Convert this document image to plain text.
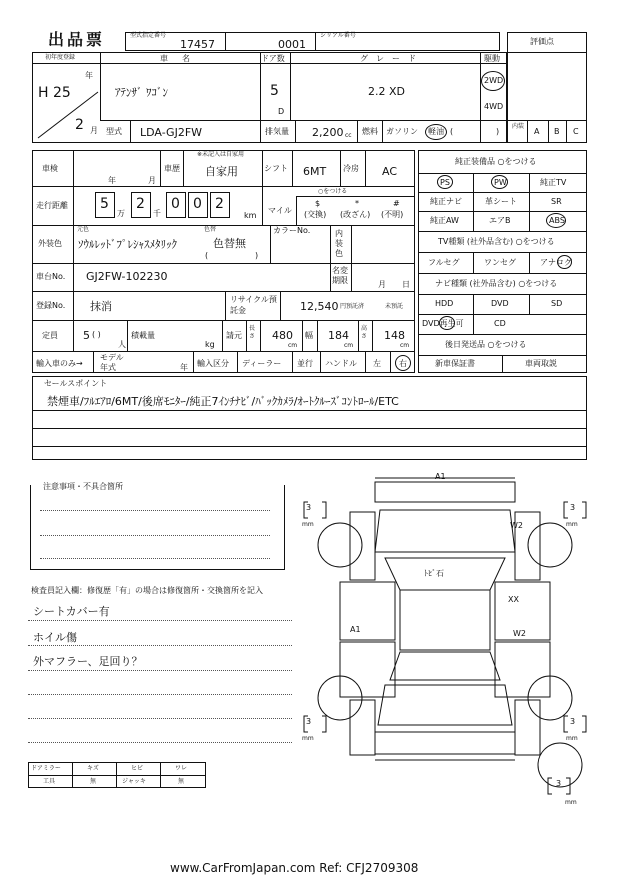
出品票	型式指定番号
17457	0001
シリアル番号
評価点
初年度登録
年
H 25
2 月
車名
ｱﾃﾝｻﾞ ﾜｺﾞﾝ
ドア数
5
D
グレード
2.2 XD
駆動
2WD
4WD
型式 LDA-GJ2FW	排気量 2,200 cc 燃料 ガソリン 軽油 (	)
内装
A B C
車検
年	月
車歴
※未記入は自家用
自家用	シフト 6MT 冷房 AC
走行距離 5
万
2
千
0 0 2
km
マイル
○をつける
$
(交換)
*
(改ざん)
#
(不明)
外装色
元色
ｿｳﾙﾚｯﾄﾞﾌﾟﾚｼｬｽﾒﾀﾘｯｸ
色替
色替無
(	)
カラーNo.	内装色
車台No. GJ2FW-102230	名変期限	月 日
登録No. 抹消
リサイクル預託金	12,540 円預託済	未預託
定員 5 ( )
人
積載量
kg
請元
長さ 480
cm
幅 184
cm
高さ 148
cm
輸入車のみ→
モデル年式	年 輸入区分 ディーラー 並行 ハンドル 左 右
純正装備品 ○をつける
PS	PW	純正TV
純正ナビ	革シート	SR
純正AW	エアB	ABS
TV種類 (社外品含む) ○をつける
フルセグ	ワンセグ	アナログ
ナビ種類 (社外品含む) ○をつける
HDD	DVD	SD
DVD再生可	CD
後日発送品 ○をつける
新車保証書	車両取説
セールスポイント
禁煙車/ﾌﾙｴｱﾛ/6MT/後席ﾓﾆﾀｰ/純正7ｲﾝﾁﾅﾋﾞ/ﾊﾞｯｸｶﾒﾗ/ｵｰﾄｸﾙｰｽﾞｺﾝﾄﾛｰﾙ/ETC
注意事項・不具合箇所
検査員記入欄：修復歴「有」の場合は修復箇所・交換箇所を記入
シートカバー有
ホイル傷
外マフラー、足回り？
ドアミラー	キズ	ヒビ	ワレ
工具	無	ジャッキ	無
A1
W2
ﾄﾋﾞ石
XX
A1	W2
3
mm
3
mm
3
mm
3
mm
3
mm
www.CarFromJapan.com Ref: CFJ2709308
